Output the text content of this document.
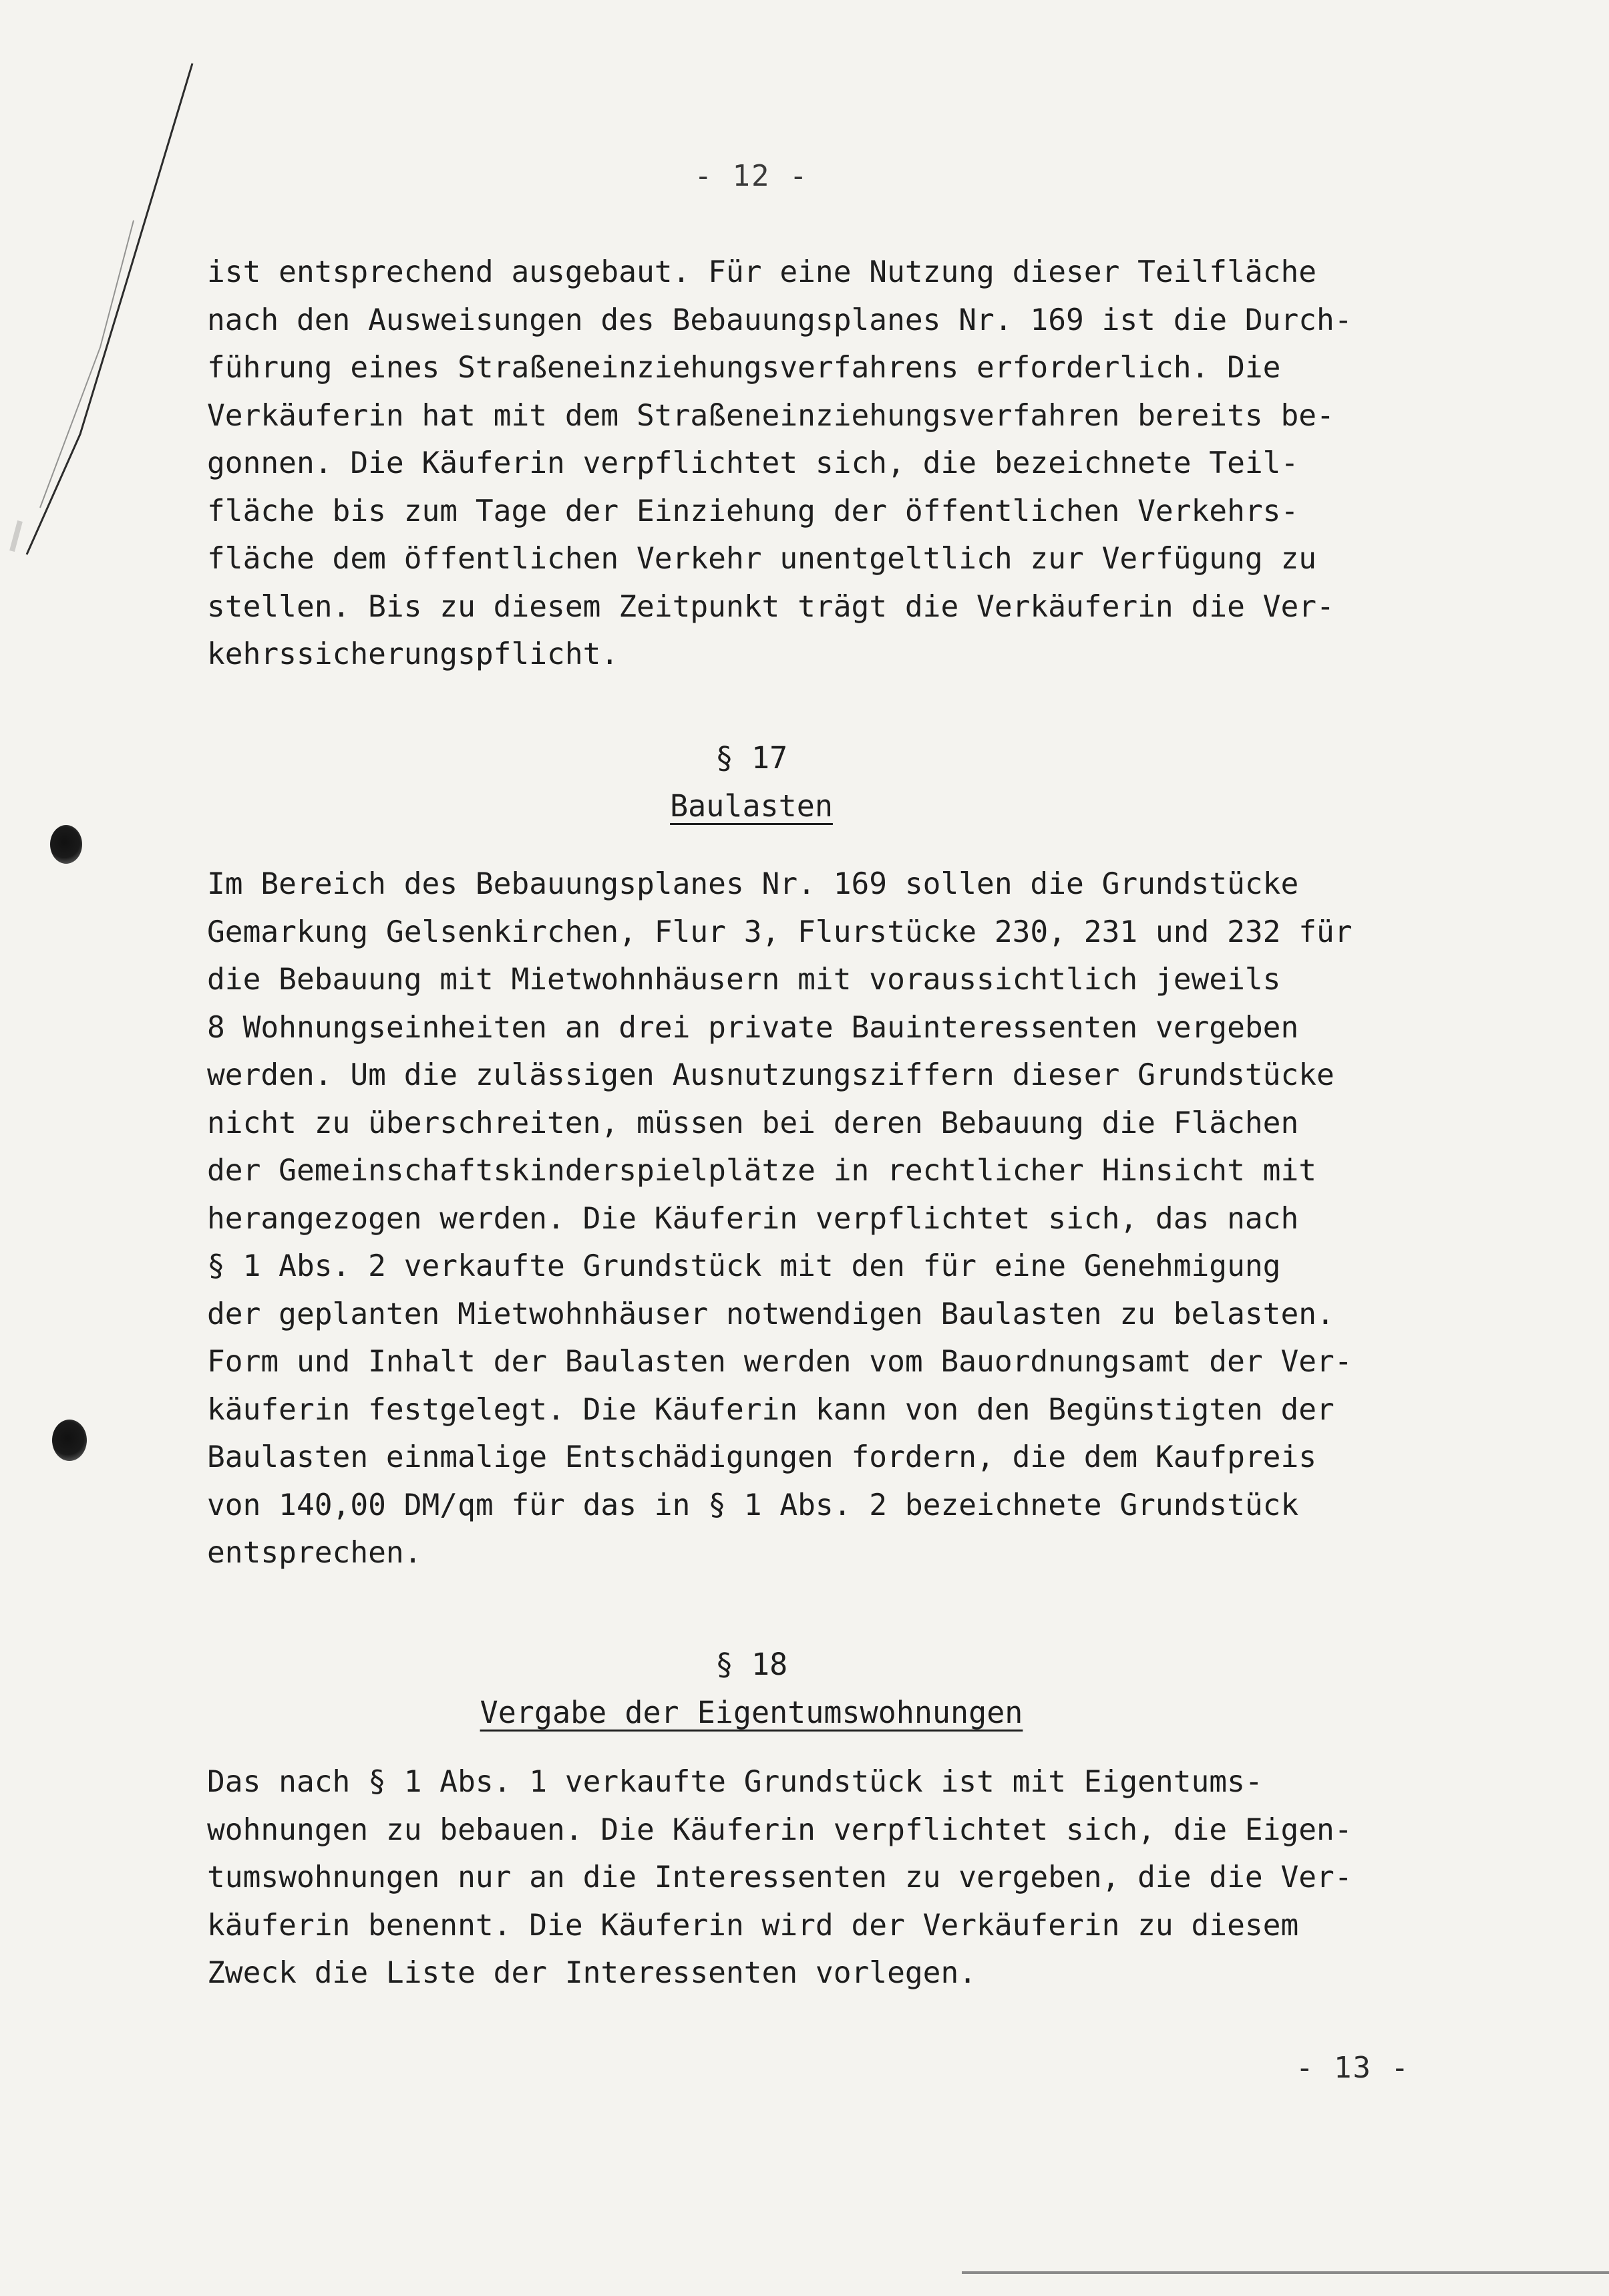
- 12 -
ist entsprechend ausgebaut. Für eine Nutzung dieser Teilfläche
nach den Ausweisungen des Bebauungsplanes Nr. 169 ist die Durch-
führung eines Straßeneinziehungsverfahrens erforderlich. Die
Verkäuferin hat mit dem Straßeneinziehungsverfahren bereits be-
gonnen. Die Käuferin verpflichtet sich, die bezeichnete Teil-
fläche bis zum Tage der Einziehung der öffentlichen Verkehrs-
fläche dem öffentlichen Verkehr unentgeltlich zur Verfügung zu
stellen. Bis zu diesem Zeitpunkt trägt die Verkäuferin die Ver-
kehrssicherungspflicht.
§ 17
Baulasten
Im Bereich des Bebauungsplanes Nr. 169 sollen die Grundstücke
Gemarkung Gelsenkirchen, Flur 3, Flurstücke 230, 231 und 232 für
die Bebauung mit Mietwohnhäusern mit voraussichtlich jeweils
8 Wohnungseinheiten an drei private Bauinteressenten vergeben
werden. Um die zulässigen Ausnutzungsziffern dieser Grundstücke
nicht zu überschreiten, müssen bei deren Bebauung die Flächen
der Gemeinschaftskinderspielplätze in rechtlicher Hinsicht mit
herangezogen werden. Die Käuferin verpflichtet sich, das nach
§ 1 Abs. 2 verkaufte Grundstück mit den für eine Genehmigung
der geplanten Mietwohnhäuser notwendigen Baulasten zu belasten.
Form und Inhalt der Baulasten werden vom Bauordnungsamt der Ver-
käuferin festgelegt. Die Käuferin kann von den Begünstigten der
Baulasten einmalige Entschädigungen fordern, die dem Kaufpreis
von 140,00 DM/qm für das in § 1 Abs. 2 bezeichnete Grundstück
entsprechen.
§ 18
Vergabe der Eigentumswohnungen
Das nach § 1 Abs. 1 verkaufte Grundstück ist mit Eigentums-
wohnungen zu bebauen. Die Käuferin verpflichtet sich, die Eigen-
tumswohnungen nur an die Interessenten zu vergeben, die die Ver-
käuferin benennt. Die Käuferin wird der Verkäuferin zu diesem
Zweck die Liste der Interessenten vorlegen.
- 13 -
